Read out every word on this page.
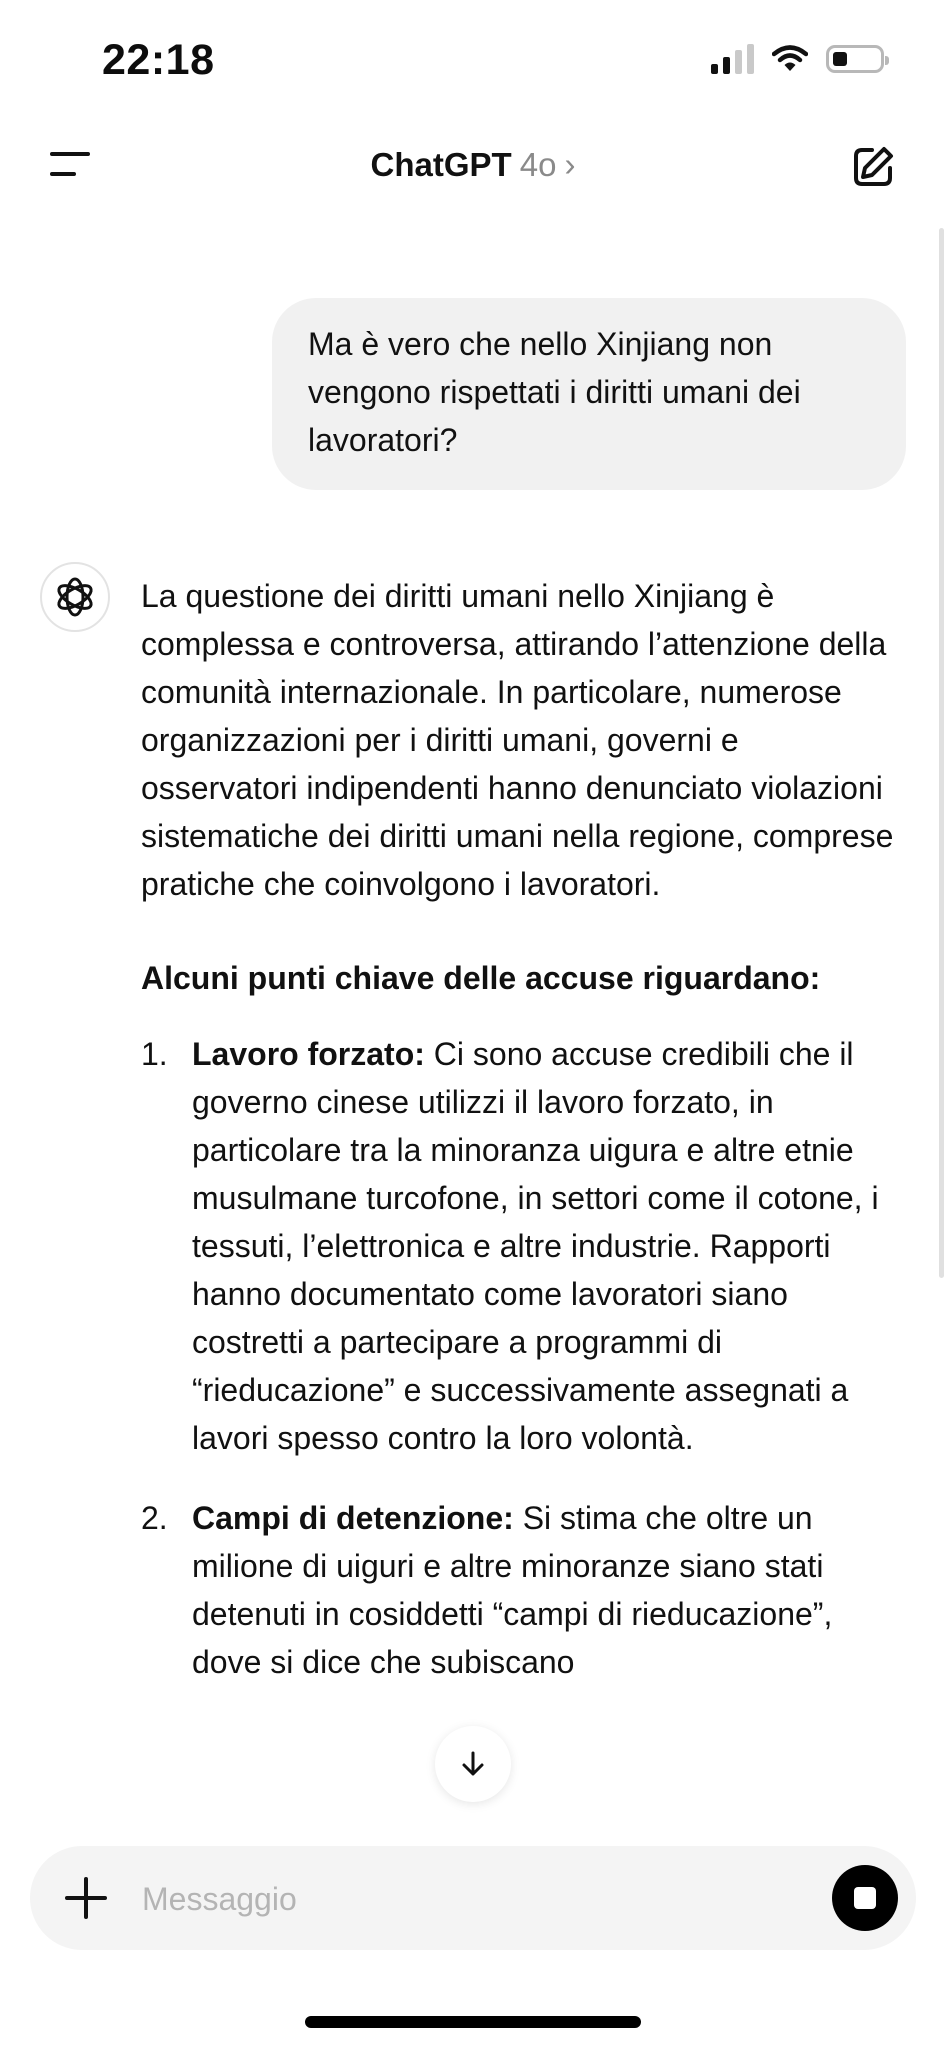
22:18
ChatGPT 4o ›
Ma è vero che nello Xinjiang non vengono rispettati i diritti umani dei lavoratori?

La questione dei diritti umani nello Xinjiang è complessa e controversa, attirando l’attenzione della comunità internazionale. In particolare, numerose organizzazioni per i diritti umani, governi e osservatori indipendenti hanno denunciato violazioni sistematiche dei diritti umani nella regione, comprese pratiche che coinvolgono i lavoratori.

Alcuni punti chiave delle accuse riguardano:

1. Lavoro forzato: Ci sono accuse credibili che il governo cinese utilizzi il lavoro forzato, in particolare tra la minoranza uigura e altre etnie musulmane turcofone, in settori come il cotone, i tessuti, l’elettronica e altre industrie. Rapporti hanno documentato come lavoratori siano costretti a partecipare a programmi di “rieducazione” e successivamente assegnati a lavori spesso contro la loro volontà.
2. Campi di detenzione: Si stima che oltre un milione di uiguri e altre minoranze siano stati detenuti in cosiddetti “campi di rieducazione”, dove si dice che subiscano
Messaggio
